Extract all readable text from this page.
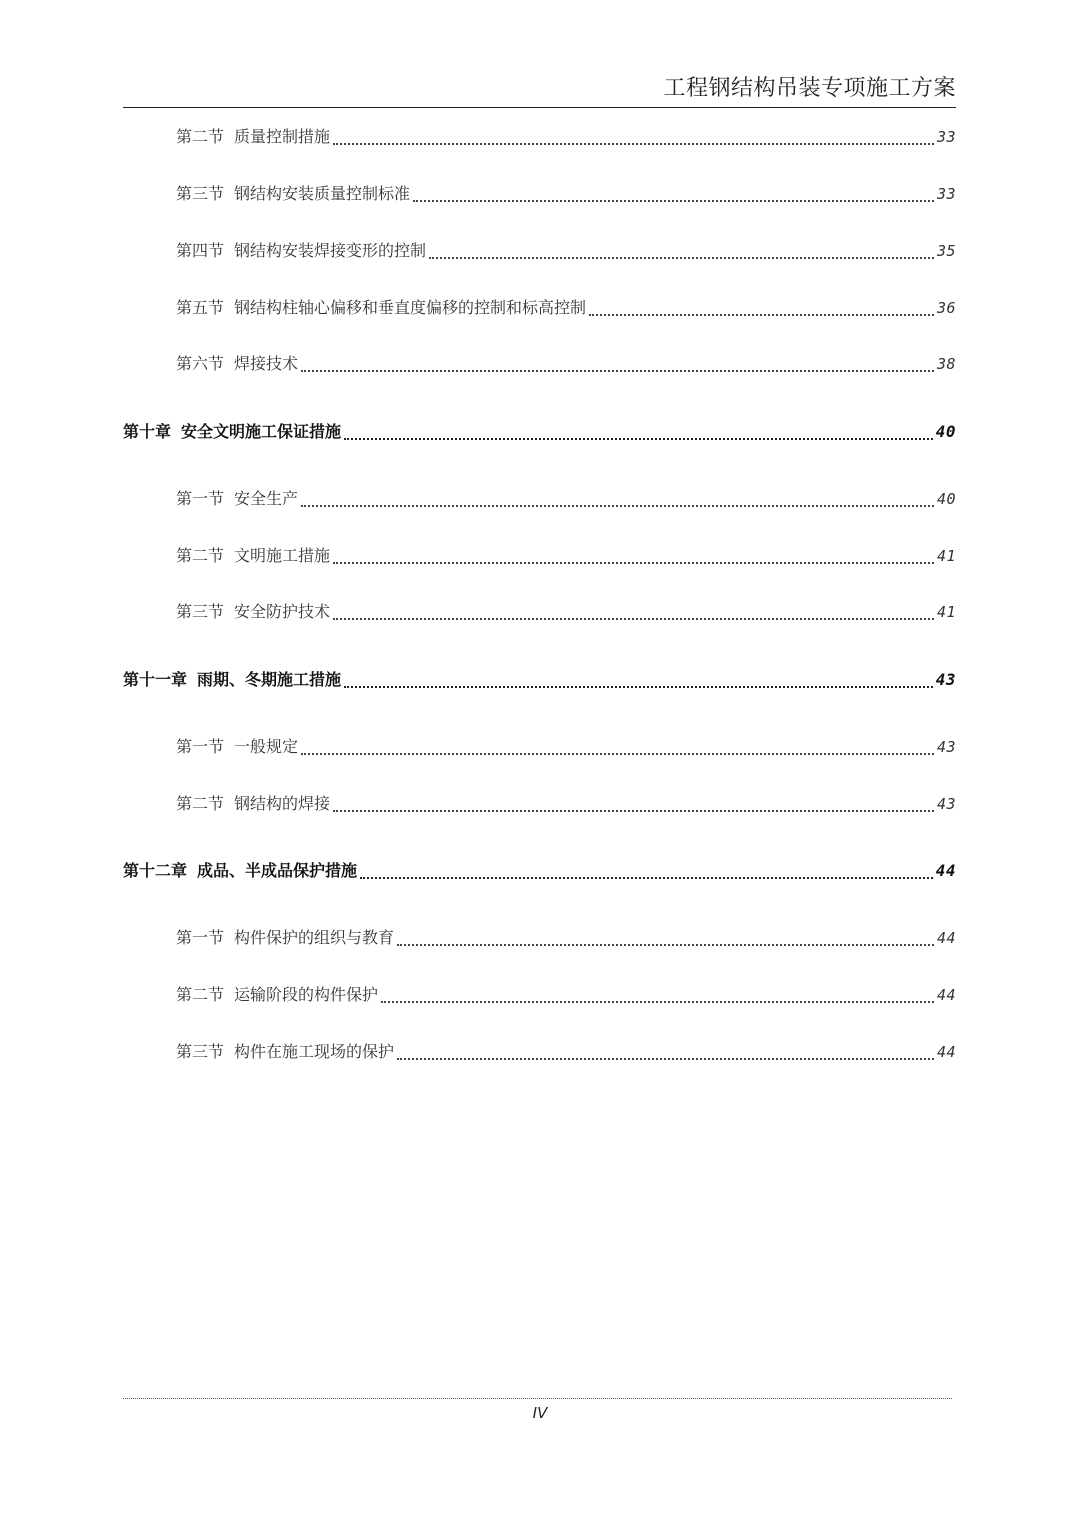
工程钢结构吊装专项施工方案
第二节 质量控制措施	33
第三节 钢结构安装质量控制标准	33
第四节 钢结构安装焊接变形的控制	35
第五节 钢结构柱轴心偏移和垂直度偏移的控制和标高控制	36
第六节 焊接技术	38
第十章 安全文明施工保证措施	40
第一节 安全生产	40
第二节 文明施工措施	41
第三节 安全防护技术	41
第十一章 雨期、冬期施工措施	43
第一节 一般规定	43
第二节 钢结构的焊接	43
第十二章 成品、半成品保护措施	44
第一节 构件保护的组织与教育	44
第二节 运输阶段的构件保护	44
第三节 构件在施工现场的保护	44
IV
